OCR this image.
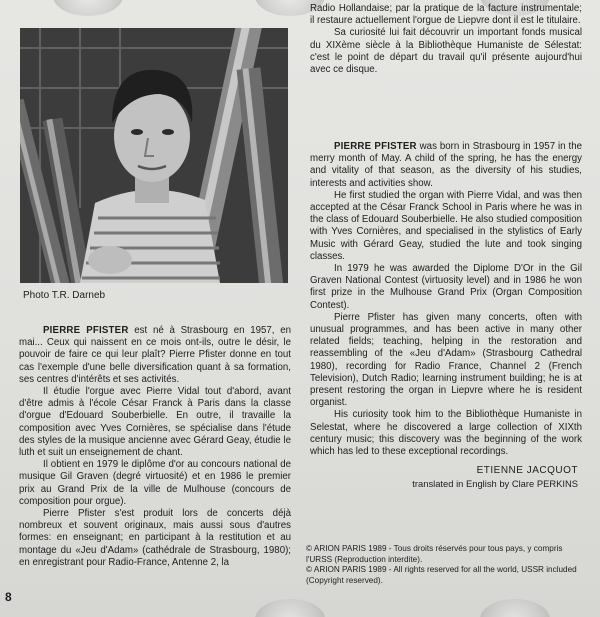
Photo T.R. Darneb

PIERRE PFISTER est né à Strasbourg en 1957, en mai... Ceux qui naissent en ce mois ont-ils, outre le désir, le pouvoir de faire ce qui leur plaît? Pierre Pfister donne en tout cas l'exemple d'une belle diversification quant à sa formation, ses centres d'intérêts et ses activités.

Il étudie l'orgue avec Pierre Vidal tout d'abord, avant d'être admis à l'école César Franck à Paris dans la classe d'orgue d'Edouard Souberbielle. En outre, il travaille la composition avec Yves Cornières, se spécialise dans l'étude des styles de la musique ancienne avec Gérard Geay, étudie le luth et suit un enseignement de chant.

Il obtient en 1979 le diplôme d'or au concours national de musique Gil Graven (degré virtuosité) et en 1986 le premier prix au Grand Prix de la ville de Mulhouse (concours de composition pour orgue).

Pierre Pfister s'est produit lors de concerts déjà nombreux et souvent originaux, mais aussi sous d'autres formes: en enseignant; en participant à la restitution et au montage du «Jeu d'Adam» (cathédrale de Strasbourg, 1980); en enregistrant pour Radio-France, Antenne 2, la

Radio Hollandaise; par la pratique de la facture instrumentale; il restaure actuellement l'orgue de Liepvre dont il est le titulaire.

Sa curiosité lui fait découvrir un important fonds musical du XIXème siècle à la Bibliothèque Humaniste de Sélestat: c'est le point de départ du travail qu'il présente aujourd'hui avec ce disque.

PIERRE PFISTER was born in Strasbourg in 1957 in the merry month of May. A child of the spring, he has the energy and vitality of that season, as the diversity of his studies, interests and activities show.

He first studied the organ with Pierre Vidal, and was then accepted at the César Franck School in Paris where he was in the class of Edouard Souberbielle. He also studied composition with Yves Cornières, and specialised in the stylistics of Early Music with Gérard Geay, studied the lute and took singing classes.

In 1979 he was awarded the Diplome D'Or in the Gil Graven National Contest (virtuosity level) and in 1986 he won first prize in the Mulhouse Grand Prix (Organ Composition Contest).

Pierre Pfister has given many concerts, often with unusual programmes, and has been active in many other related fields; teaching, helping in the restoration and reassembling of the «Jeu d'Adam» (Strasbourg Cathedral 1980), recording for Radio France, Channel 2 (French Television), Dutch Radio; learning instrument building; he is at present restoring the organ in Liepvre where he is resident organist.

His curiosity took him to the Bibliothèque Humaniste in Selestat, where he discovered a large collection of XIXth century music; this discovery was the beginning of the work which has led to these exceptional recordings.

ETIENNE JACQUOT
translated in English by Clare PERKINS

© ARION PARIS 1989 - Tous droits réservés pour tous pays, y compris l'URSS (Reproduction interdite).

© ARION PARIS 1989 - All rights reserved for all the world, USSR included (Copyright reserved).

8
